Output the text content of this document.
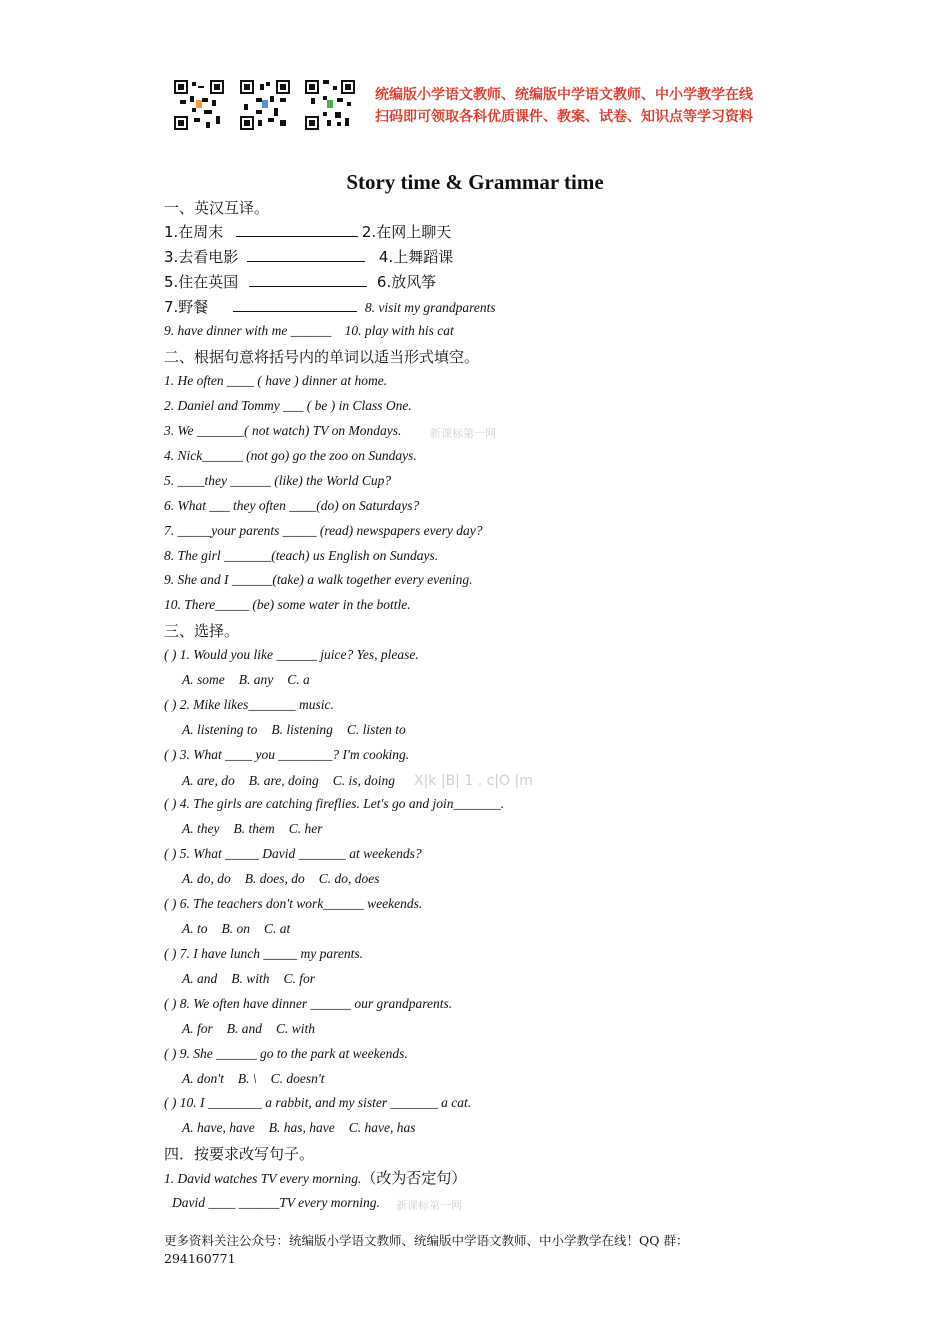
统编版小学语文教师、统编版中学语文教师、中小学教学在线
扫码即可领取各科优质课件、教案、试卷、知识点等学习资料
Story time & Grammar time
一、英汉互译。
1.在周末	2.在网上聊天
3.去看电影	4.上舞蹈课
5.住在英国	6.放风筝
7.野餐	8. visit my grandparents
9. have dinner with me ______ 10. play with his cat
二、根据句意将括号内的单词以适当形式填空。
1. He often ____ ( have ) dinner at home.
2. Daniel and Tommy ___ ( be ) in Class One.
3. We _______( not watch) TV on Mondays.
4. Nick______ (not go) go the zoo on Sundays.
5. ____they ______ (like) the World Cup?
6. What ___ they often ____(do) on Saturdays?
7. _____your parents _____ (read) newspapers every day?
8. The girl _______(teach) us English on Sundays.
9. She and I ______(take) a walk together every evening.
10. There_____ (be) some water in the bottle.
新课标第一网
三、选择。
( ) 1. Would you like ______ juice? Yes, please.
A. some B. any C. a
( ) 2. Mike likes_______ music.
A. listening to B. listening C. listen to
( ) 3. What ____ you ________? I'm cooking.
A. are, do B. are, doing C. is, doing	X|k |B| 1 . c|O |m
( ) 4. The girls are catching fireflies. Let's go and join_______.
A. they B. them C. her
( ) 5. What _____ David _______ at weekends?
A. do, do B. does, do C. do, does
( ) 6. The teachers don't work______ weekends.
A. to B. on C. at
( ) 7. I have lunch _____ my parents.
A. and B. with C. for
( ) 8. We often have dinner ______ our grandparents.
A. for B. and C. with
( ) 9. She ______ go to the park at weekends.
A. don't B. \ C. doesn't
( ) 10. I ________ a rabbit, and my sister _______ a cat.
A. have, have B. has, have C. have, has
四．按要求改写句子。
1. David watches TV every morning.（改为否定句）
David ____ ______TV every morning. 新课标第一网
更多资料关注公众号：统编版小学语文教师、统编版中学语文教师、中小学教学在线！QQ 群：
294160771
